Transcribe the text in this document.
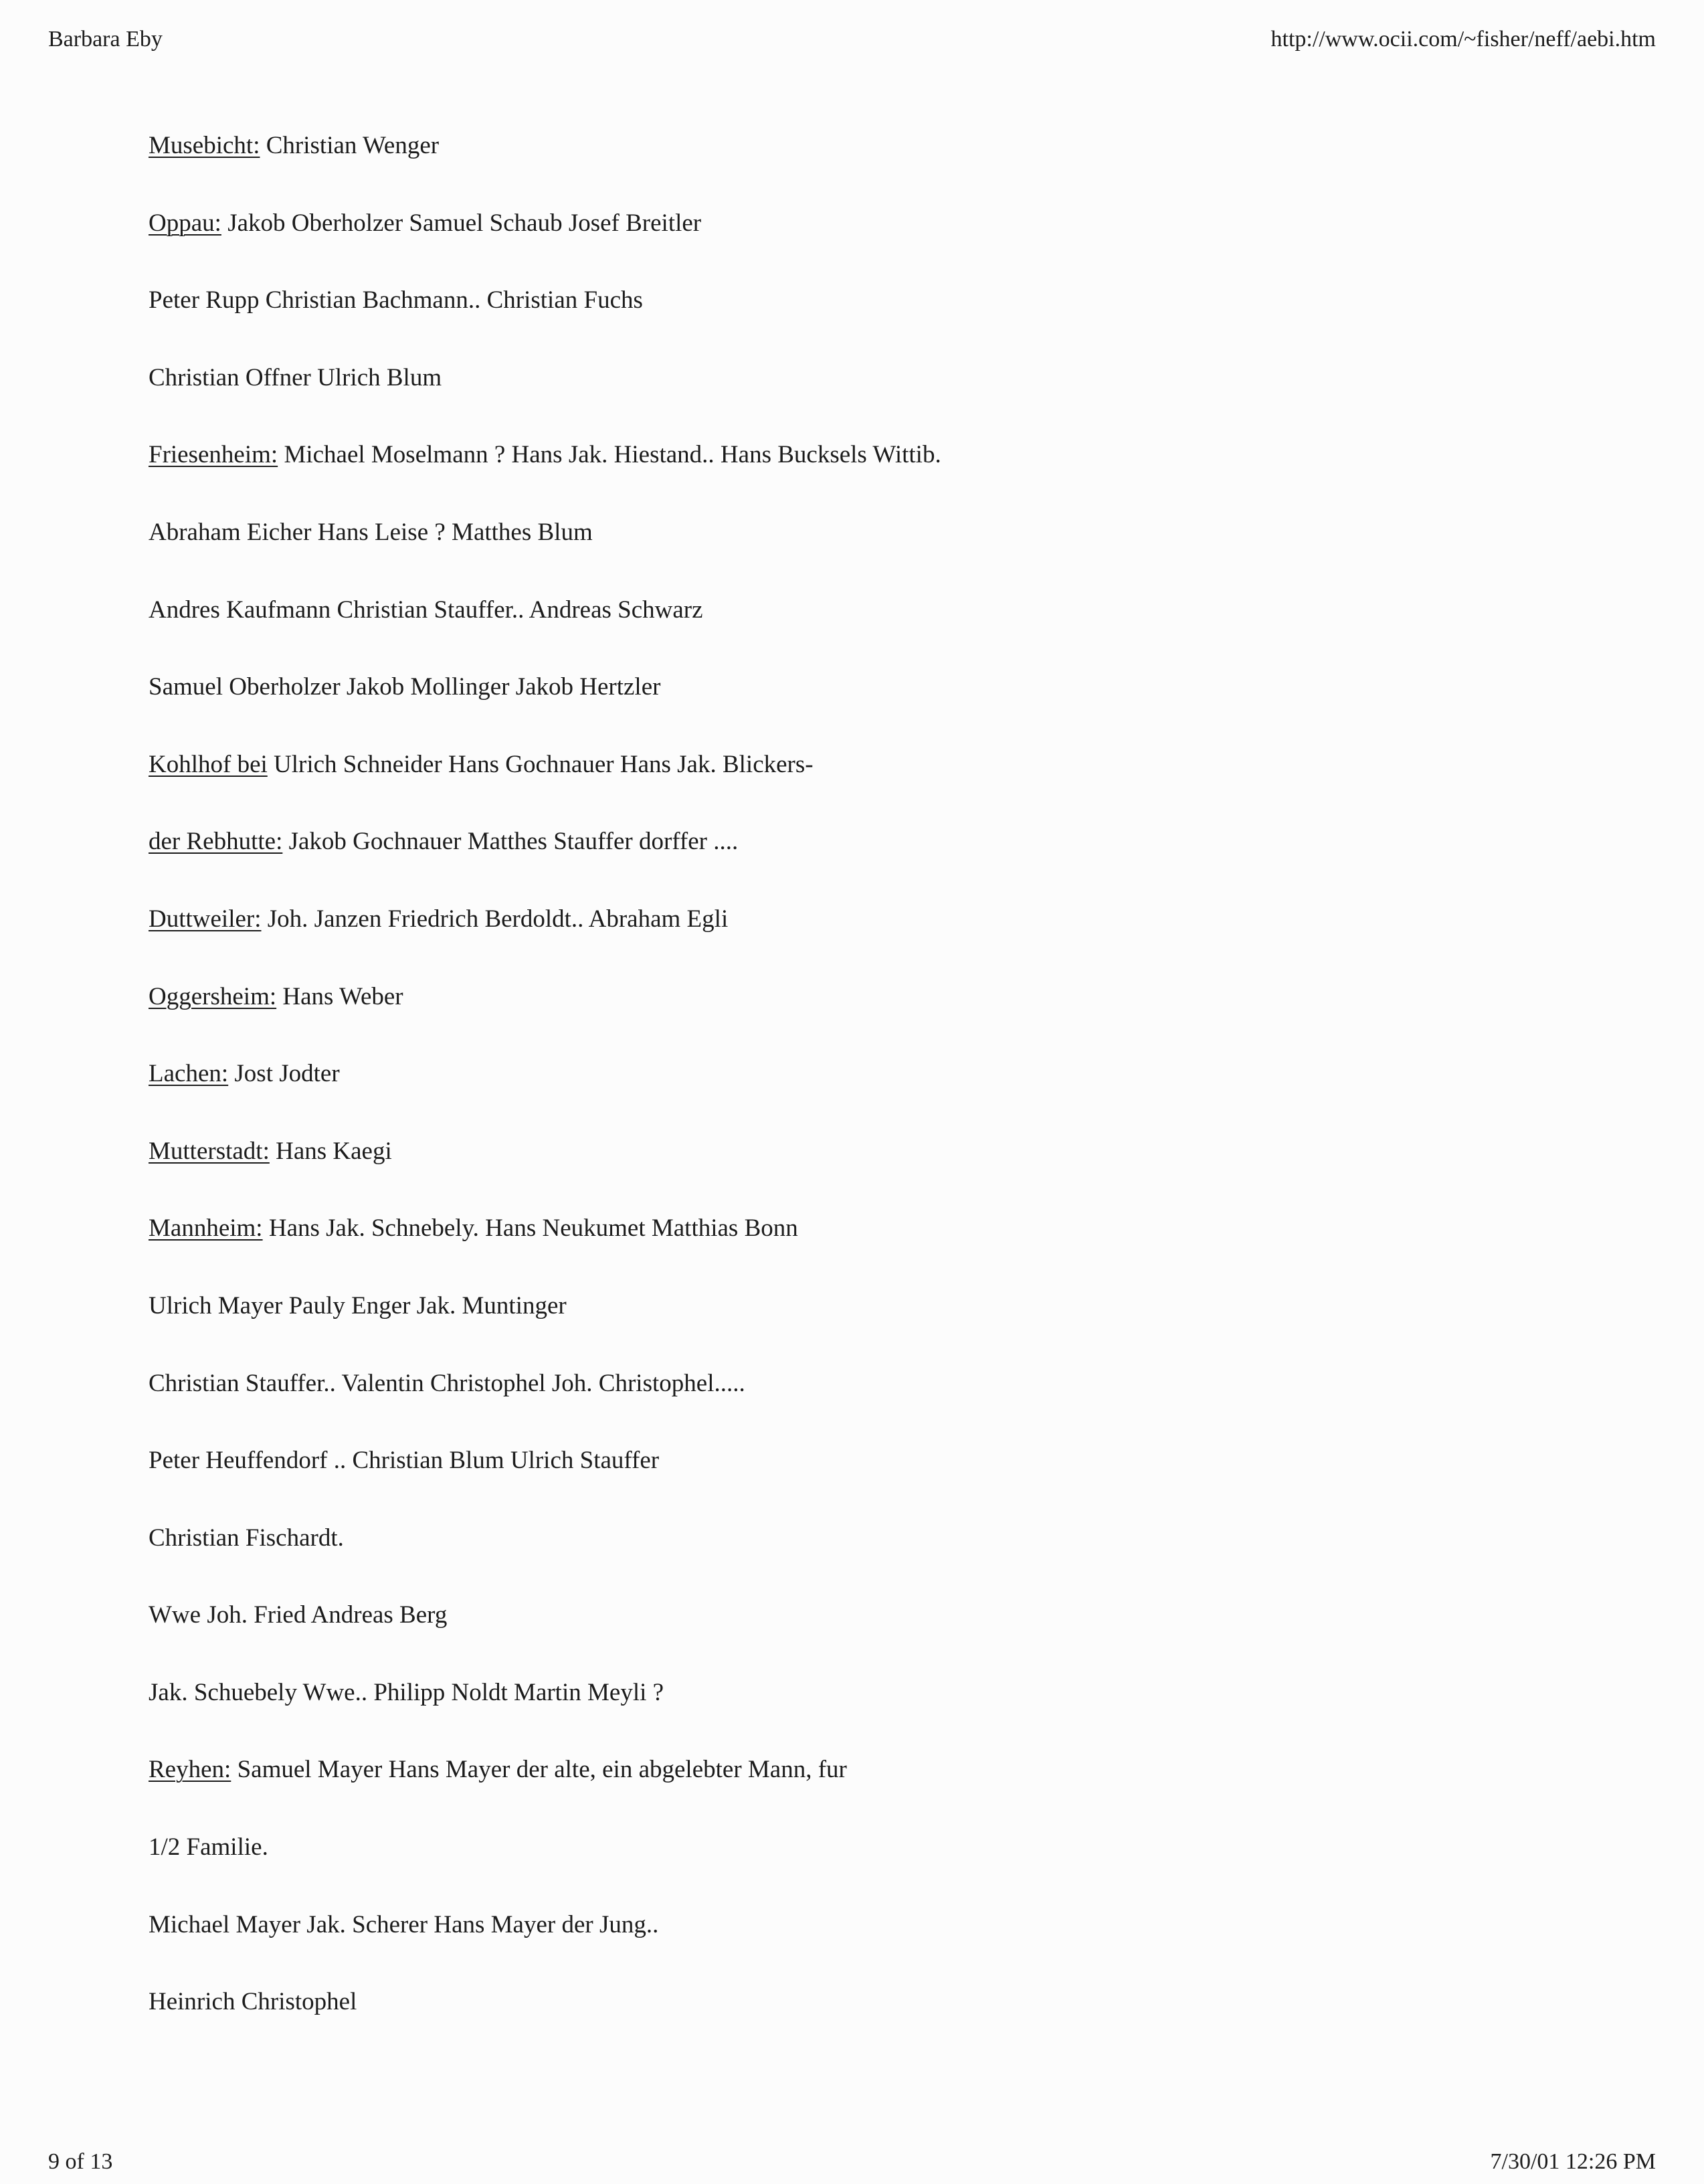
Barbara Eby	http://www.ocii.com/~fisher/neff/aebi.htm
Musebicht: Christian Wenger
Oppau: Jakob Oberholzer Samuel Schaub Josef Breitler
Peter Rupp Christian Bachmann.. Christian Fuchs
Christian Offner Ulrich Blum
Friesenheim: Michael Moselmann ? Hans Jak. Hiestand.. Hans Bucksels Wittib.
Abraham Eicher Hans Leise ? Matthes Blum
Andres Kaufmann Christian Stauffer.. Andreas Schwarz
Samuel Oberholzer Jakob Mollinger Jakob Hertzler
Kohlhof bei Ulrich Schneider Hans Gochnauer Hans Jak. Blickers-
der Rebhutte: Jakob Gochnauer Matthes Stauffer dorffer ....
Duttweiler: Joh. Janzen Friedrich Berdoldt.. Abraham Egli
Oggersheim: Hans Weber
Lachen: Jost Jodter
Mutterstadt: Hans Kaegi
Mannheim: Hans Jak. Schnebely. Hans Neukumet Matthias Bonn
Ulrich Mayer Pauly Enger Jak. Muntinger
Christian Stauffer.. Valentin Christophel Joh. Christophel.....
Peter Heuffendorf .. Christian Blum Ulrich Stauffer
Christian Fischardt.
Wwe Joh. Fried Andreas Berg
Jak. Schuebely Wwe.. Philipp Noldt Martin Meyli ?
Reyhen: Samuel Mayer Hans Mayer der alte, ein abgelebter Mann, fur
1/2 Familie.
Michael Mayer Jak. Scherer Hans Mayer der Jung..
Heinrich Christophel
9 of 13	7/30/01 12:26 PM
